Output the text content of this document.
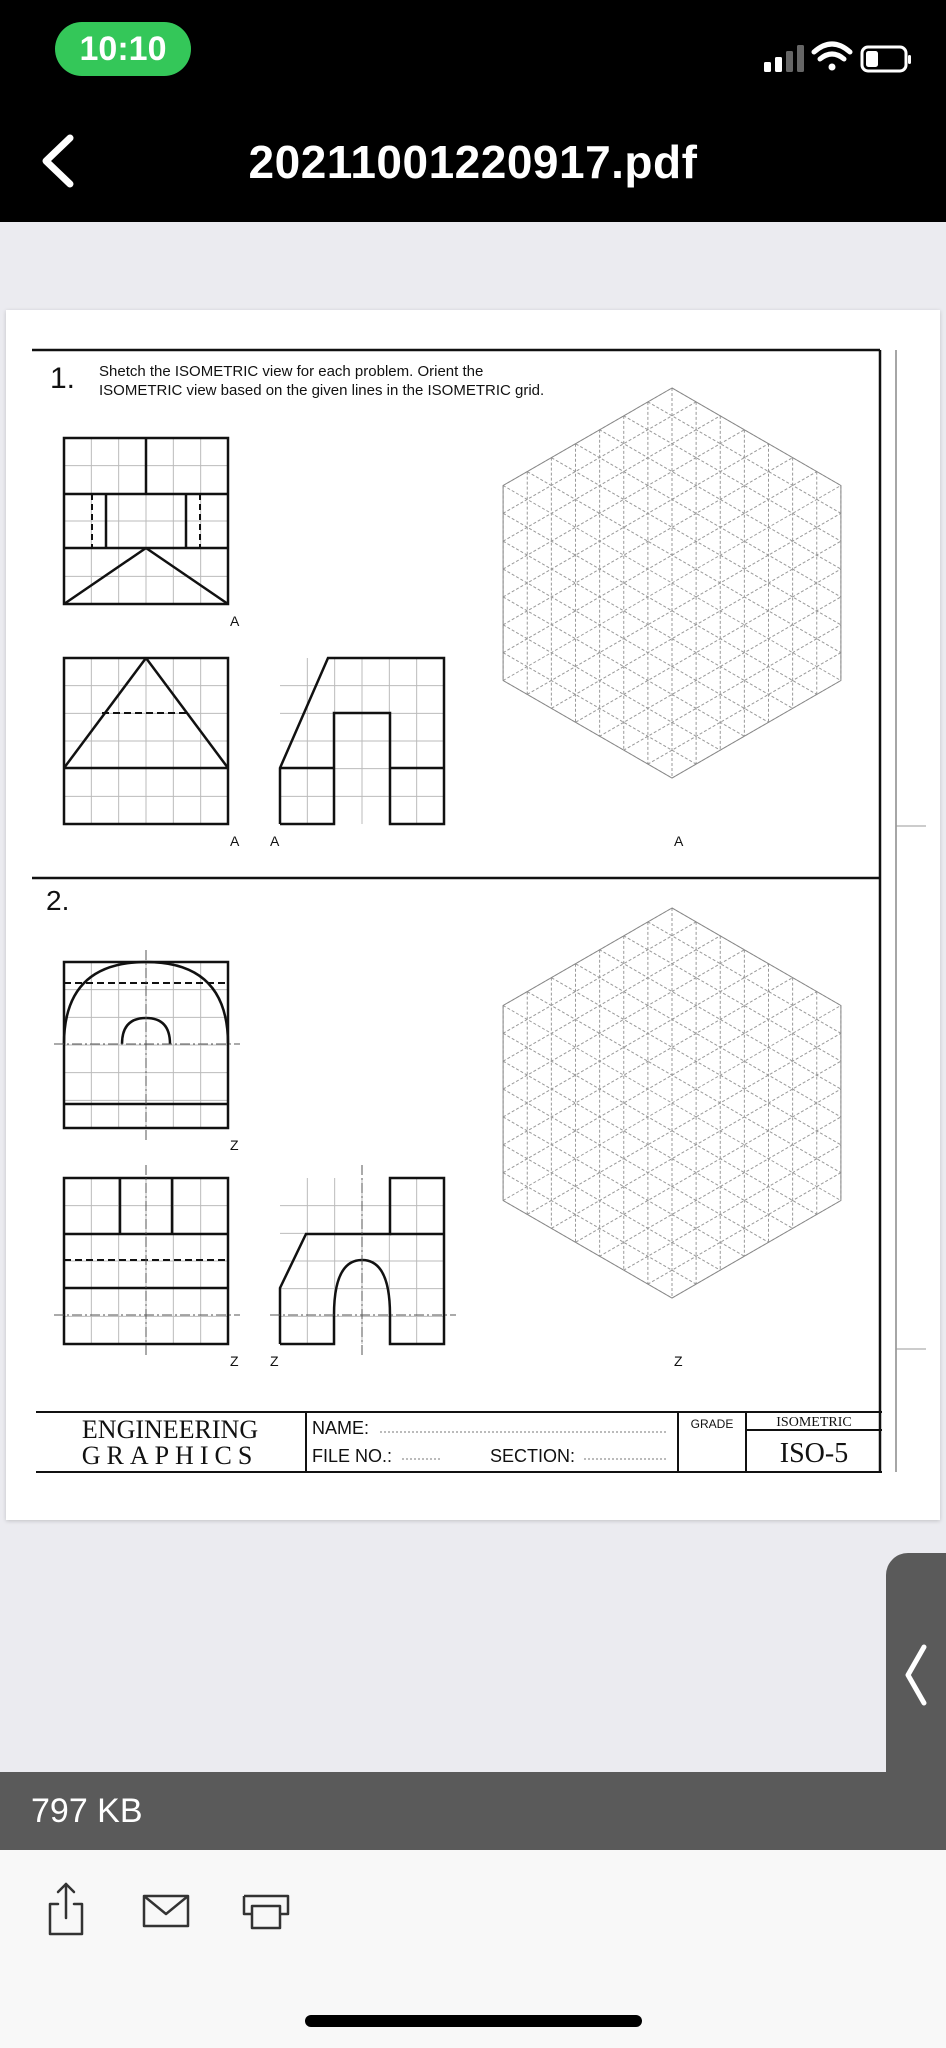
10:10
20211001220917.pdf
1. Shetch the ISOMETRIC view for each problem. Orient the
ISOMETRIC view based on the given lines in the ISOMETRIC grid.
A
A A	A
2.
Z
Z Z	Z
ENGINEERING
GRAPHICS
NAME:
FILE NO.:	SECTION:
GRADE	ISOMETRIC
ISO-5
797 KB
